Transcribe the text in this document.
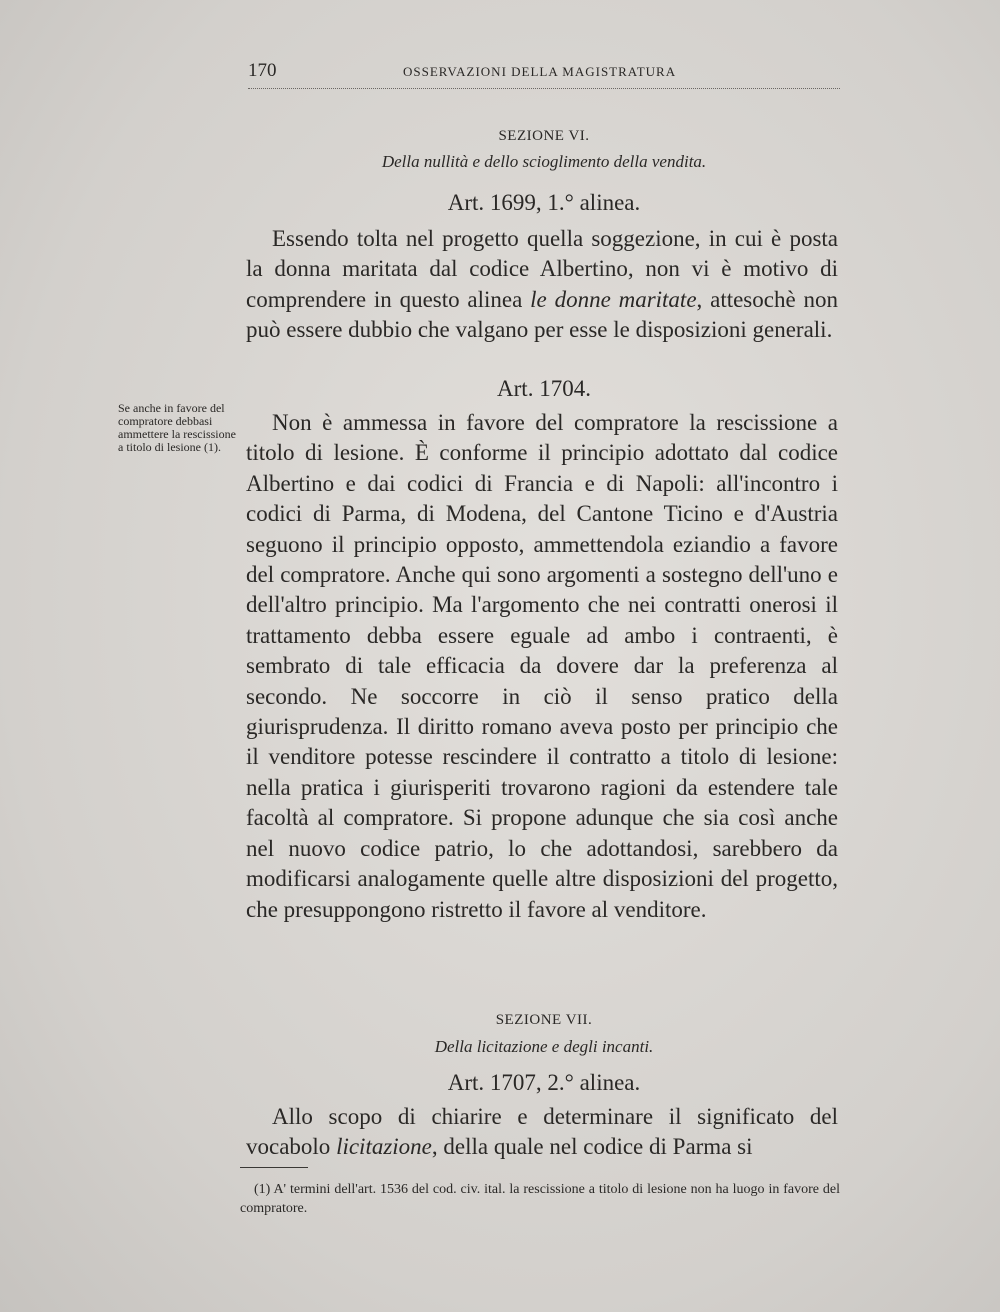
170	OSSERVAZIONI DELLA MAGISTRATURA
SEZIONE VI.
Della nullità e dello scioglimento della vendita.
Art. 1699, 1.° alinea.

Essendo tolta nel progetto quella soggezione, in cui è posta la donna maritata dal codice Albertino, non vi è motivo di comprendere in questo alinea le donne maritate, attesochè non può essere dubbio che valgano per esse le disposizioni generali.

Art. 1704.

Non è ammessa in favore del compratore la rescissione a titolo di lesione. È conforme il principio adottato dal codice Albertino e dai codici di Francia e di Napoli: all'incontro i codici di Parma, di Modena, del Cantone Ticino e d'Austria seguono il principio opposto, ammettendola eziandio a favore del compratore. Anche qui sono argomenti a sostegno dell'uno e dell'altro principio. Ma l'argomento che nei contratti onerosi il trattamento debba essere eguale ad ambo i contraenti, è sembrato di tale efficacia da dovere dar la preferenza al secondo. Ne soccorre in ciò il senso pratico della giurisprudenza. Il diritto romano aveva posto per principio che il venditore potesse rescindere il contratto a titolo di lesione: nella pratica i giurisperiti trovarono ragioni da estendere tale facoltà al compratore. Si propone adunque che sia così anche nel nuovo codice patrio, lo che adottandosi, sarebbero da modificarsi analogamente quelle altre disposizioni del progetto, che presuppongono ristretto il favore al venditore.

Se anche in favore del compratore debbasi ammettere la rescissione a titolo di lesione (1).
SEZIONE VII.
Della licitazione e degli incanti.
Art. 1707, 2.° alinea.

Allo scopo di chiarire e determinare il significato del vocabolo licitazione, della quale nel codice di Parma si

(1) A' termini dell'art. 1536 del cod. civ. ital. la rescissione a titolo di lesione non ha luogo in favore del compratore.
